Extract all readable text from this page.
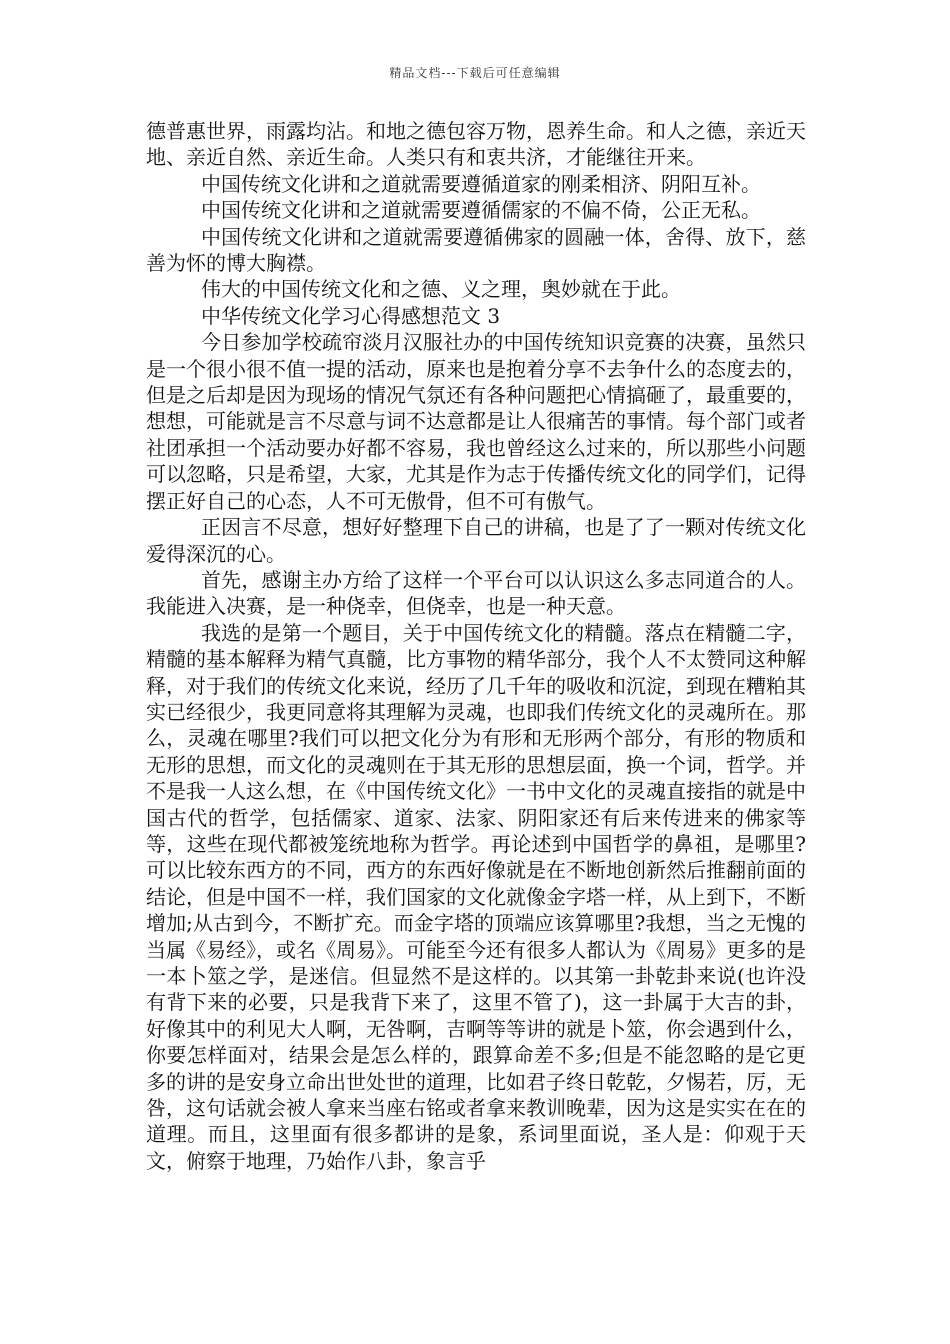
精品文档---下载后可任意编辑

德普惠世界，雨露均沾。和地之德包容万物，恩养生命。和人之德，亲近天地、亲近自然、亲近生命。人类只有和衷共济，才能继往开来。

中国传统文化讲和之道就需要遵循道家的刚柔相济、阴阳互补。

中国传统文化讲和之道就需要遵循儒家的不偏不倚，公正无私。

中国传统文化讲和之道就需要遵循佛家的圆融一体，舍得、放下，慈善为怀的博大胸襟。

伟大的中国传统文化和之德、义之理，奥妙就在于此。

中华传统文化学习心得感想范文 3

今日参加学校疏帘淡月汉服社办的中国传统知识竞赛的决赛，虽然只是一个很小很不值一提的活动，原来也是抱着分享不去争什么的态度去的，但是之后却是因为现场的情况气氛还有各种问题把心情搞砸了，最重要的，想想，可能就是言不尽意与词不达意都是让人很痛苦的事情。每个部门或者社团承担一个活动要办好都不容易，我也曾经这么过来的，所以那些小问题可以忽略，只是希望，大家，尤其是作为志于传播传统文化的同学们，记得摆正好自己的心态，人不可无傲骨，但不可有傲气。

正因言不尽意，想好好整理下自己的讲稿，也是了了一颗对传统文化爱得深沉的心。

首先，感谢主办方给了这样一个平台可以认识这么多志同道合的人。我能进入决赛，是一种侥幸，但侥幸，也是一种天意。

我选的是第一个题目，关于中国传统文化的精髓。落点在精髓二字，精髓的基本解释为精气真髓，比方事物的精华部分，我个人不太赞同这种解释，对于我们的传统文化来说，经历了几千年的吸收和沉淀，到现在糟粕其实已经很少，我更同意将其理解为灵魂，也即我们传统文化的灵魂所在。那么，灵魂在哪里?我们可以把文化分为有形和无形两个部分，有形的物质和无形的思想，而文化的灵魂则在于其无形的思想层面，换一个词，哲学。并不是我一人这么想，在《中国传统文化》一书中文化的灵魂直接指的就是中国古代的哲学，包括儒家、道家、法家、阴阳家还有后来传进来的佛家等等，这些在现代都被笼统地称为哲学。再论述到中国哲学的鼻祖，是哪里?可以比较东西方的不同，西方的东西好像就是在不断地创新然后推翻前面的结论，但是中国不一样，我们国家的文化就像金字塔一样，从上到下，不断增加;从古到今，不断扩充。而金字塔的顶端应该算哪里?我想，当之无愧的当属《易经》，或名《周易》。可能至今还有很多人都认为《周易》更多的是一本卜筮之学，是迷信。但显然不是这样的。以其第一卦乾卦来说(也许没有背下来的必要，只是我背下来了，这里不管了)，这一卦属于大吉的卦，好像其中的利见大人啊，无咎啊，吉啊等等讲的就是卜筮，你会遇到什么，你要怎样面对，结果会是怎么样的，跟算命差不多;但是不能忽略的是它更多的讲的是安身立命出世处世的道理，比如君子终日乾乾，夕惕若，厉，无咎，这句话就会被人拿来当座右铭或者拿来教训晚辈，因为这是实实在在的道理。而且，这里面有很多都讲的是象，系词里面说，圣人是：仰观于天文，俯察于地理，乃始作八卦，象言乎
